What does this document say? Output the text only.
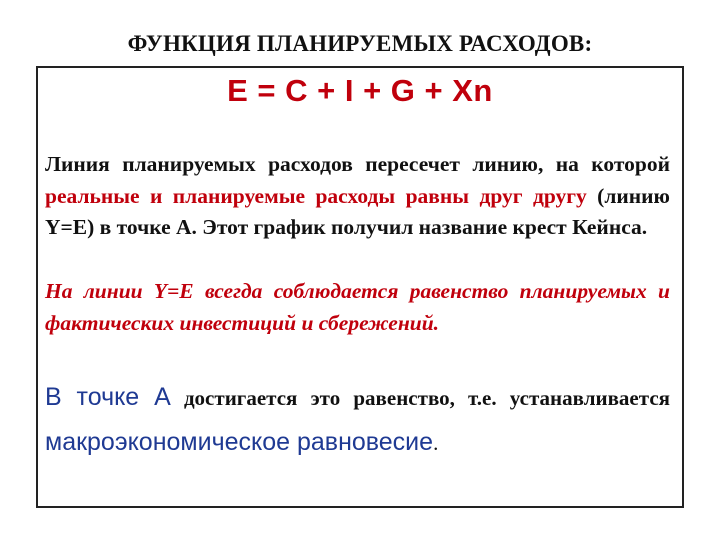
ФУНКЦИЯ ПЛАНИРУЕМЫХ РАСХОДОВ:
E = C + I + G + Xn
Линия планируемых расходов пересечет линию, на которой реальные и планируемые расходы равны друг другу (линию Y=E) в точке А. Этот график получил название крест Кейнса.
На линии Y=E всегда соблюдается равенство планируемых и фактических инвестиций и сбережений.
В точке А достигается это равенство, т.е. устанавливается макроэкономическое равновесие.
